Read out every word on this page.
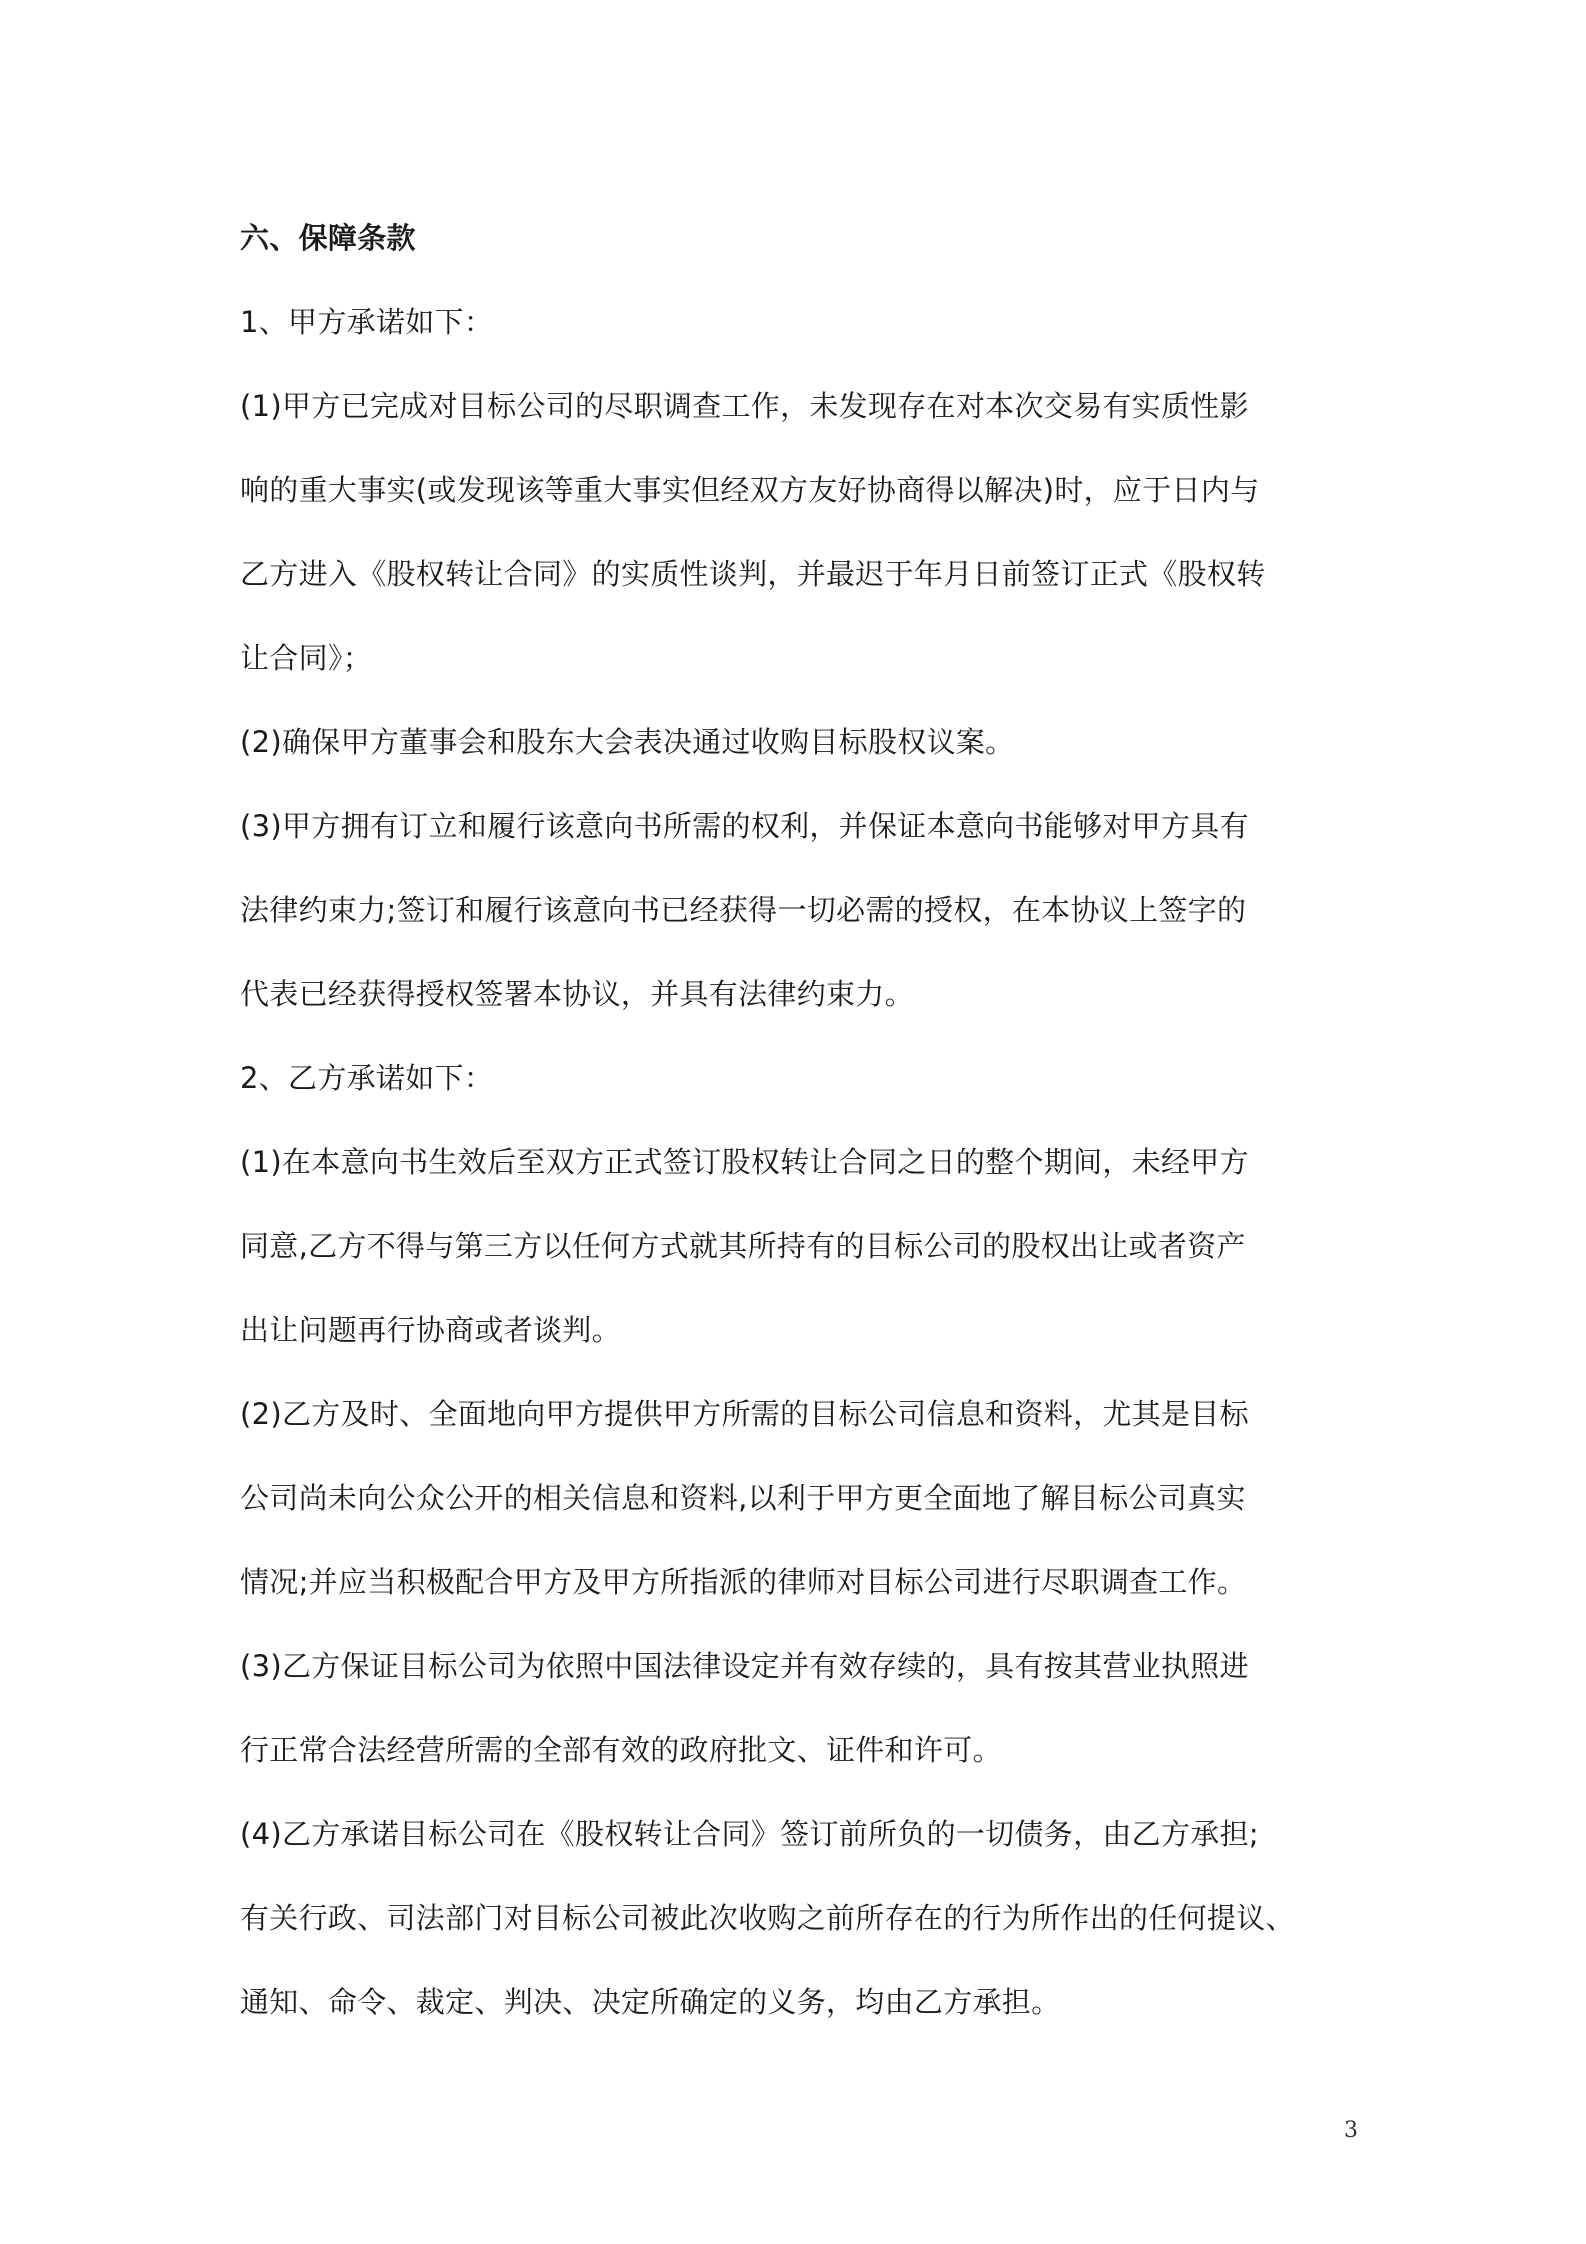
六、保障条款
1、甲方承诺如下：
(1)甲方已完成对目标公司的尽职调查工作，未发现存在对本次交易有实质性影
响的重大事实(或发现该等重大事实但经双方友好协商得以解决)时，应于日内与
乙方进入《股权转让合同》的实质性谈判，并最迟于年月日前签订正式《股权转
让合同》；
(2)确保甲方董事会和股东大会表决通过收购目标股权议案。
(3)甲方拥有订立和履行该意向书所需的权利，并保证本意向书能够对甲方具有
法律约束力;签订和履行该意向书已经获得一切必需的授权，在本协议上签字的
代表已经获得授权签署本协议，并具有法律约束力。
2、乙方承诺如下：
(1)在本意向书生效后至双方正式签订股权转让合同之日的整个期间，未经甲方
同意,乙方不得与第三方以任何方式就其所持有的目标公司的股权出让或者资产
出让问题再行协商或者谈判。
(2)乙方及时、全面地向甲方提供甲方所需的目标公司信息和资料，尤其是目标
公司尚未向公众公开的相关信息和资料,以利于甲方更全面地了解目标公司真实
情况;并应当积极配合甲方及甲方所指派的律师对目标公司进行尽职调查工作。
(3)乙方保证目标公司为依照中国法律设定并有效存续的，具有按其营业执照进
行正常合法经营所需的全部有效的政府批文、证件和许可。
(4)乙方承诺目标公司在《股权转让合同》签订前所负的一切债务，由乙方承担;
有关行政、司法部门对目标公司被此次收购之前所存在的行为所作出的任何提议、
通知、命令、裁定、判决、决定所确定的义务，均由乙方承担。
3
